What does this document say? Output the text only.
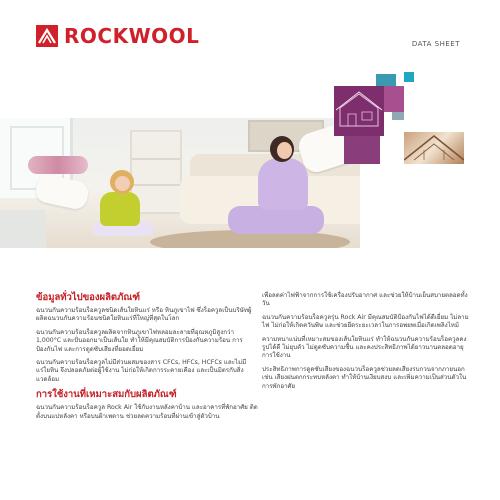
ROCKWOOL	DATA SHEET
ข้อมูลทั่วไปของผลิตภัณฑ์

ฉนวนกันความร้อนร็อควูลชนิดเส้นใยหินแร่ หรือ หินภูเขาไฟ ซึ่งร็อควูลเป็นบริษัทผู้ผลิตฉนวนกันความร้อนชนิดใยหินแร่ที่ใหญ่ที่สุดในโลก

ฉนวนกันความร้อนร็อควูลผลิตจากหินภูเขาไฟหลอมละลายที่อุณหภูมิสูงกว่า 1,000°C และปั่นออกมาเป็นเส้นใย ทำให้มีคุณสมบัติการป้องกันความร้อน การป้องกันไฟ และการดูดซับเสียงที่ยอดเยี่ยม

ฉนวนกันความร้อนร็อควูลไม่มีส่วนผสมของสาร CFCs, HFCs, HCFCs และไม่มีแร่ใยหิน จึงปลอดภัยต่อผู้ใช้งาน ไม่ก่อให้เกิดการระคายเคือง และเป็นมิตรกับสิ่งแวดล้อม

การใช้งานที่เหมาะสมกับผลิตภัณฑ์

ฉนวนกันความร้อนร็อควูล Rock Air ใช้กับงานหลังคาบ้าน และอาคารที่พักอาศัย ติดตั้งบนแปหลังคา หรือบนฝ้าเพดาน ช่วยลดความร้อนที่ผ่านเข้าสู่ตัวบ้าน

เพื่อลดค่าไฟฟ้าจากการใช้เครื่องปรับอากาศ และช่วยให้บ้านเย็นสบายตลอดทั้งวัน

ฉนวนกันความร้อนร็อควูลรุ่น Rock Air มีคุณสมบัติป้องกันไฟได้ดีเยี่ยม ไม่ลามไฟ ไม่ก่อให้เกิดควันพิษ และช่วยยืดระยะเวลาในการอพยพเมื่อเกิดเพลิงไหม้

ความหนาแน่นที่เหมาะสมของเส้นใยหินแร่ ทำให้ฉนวนกันความร้อนร็อควูลคงรูปได้ดี ไม่ยุบตัว ไม่ดูดซับความชื้น และคงประสิทธิภาพได้ยาวนานตลอดอายุการใช้งาน

ประสิทธิภาพการดูดซับเสียงของฉนวนร็อควูลช่วยลดเสียงรบกวนจากภายนอก เช่น เสียงฝนตกกระทบหลังคา ทำให้บ้านเงียบสงบ และเพิ่มความเป็นส่วนตัวในการพักอาศัย
